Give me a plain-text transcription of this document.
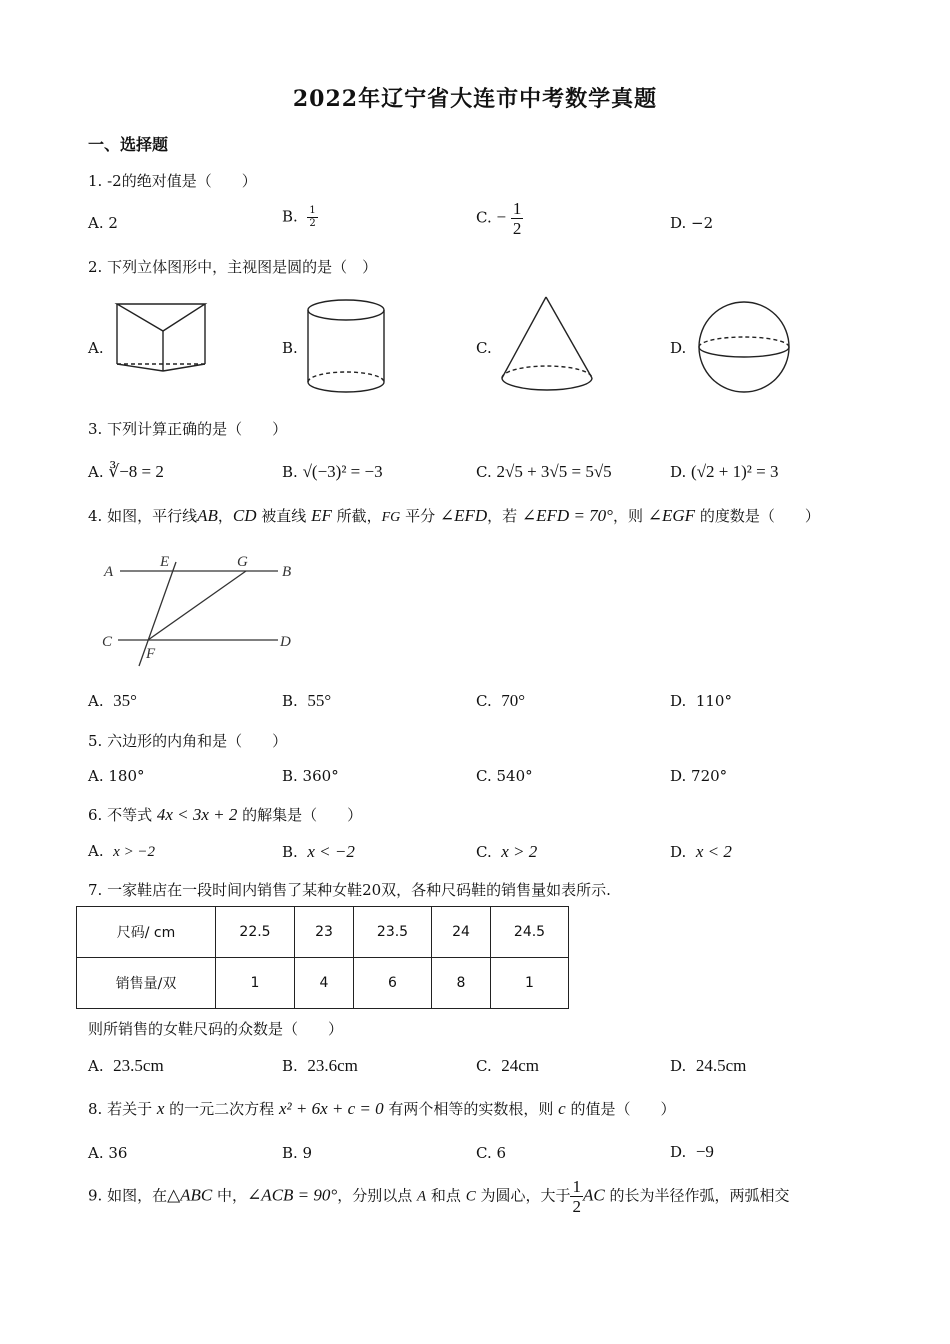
2022年辽宁省大连市中考数学真题
一、选择题
1. -2的绝对值是（　　）
A. 2	B. $\frac{1}{2}$	C. − $\frac{1}{2}$	D. −2
2. 下列立体图形中，主视图是圆的是（　）
A.	B.	C.	D.
3. 下列计算正确的是（　　）
A. ∛−8 = 2	B. √(−3)² = −3	C. 2√5 + 3√5 = 5√5	D. (√2 + 1)² = 3
4. 如图，平行线AB，CD 被直线 EF 所截，FG 平分 ∠EFD，若 ∠EFD = 70°，则 ∠EGF 的度数是（　　）
A
E	G
B
C
F
D
A. 35°	B. 55°	C. 70°	D. 110°
5. 六边形的内角和是（　　）
A. 180°	B. 360°	C. 540°	D. 720°
6. 不等式 4x < 3x + 2 的解集是（　　）
A. x > −2	B. x < −2	C. x > 2	D. x < 2
7. 一家鞋店在一段时间内销售了某种女鞋20双，各种尺码鞋的销售量如表所示.
尺码/ cm	22.5	23	23.5	24	24.5
销售量/双	1	4	6	8	1
则所销售的女鞋尺码的众数是（　　）
A. 23.5cm	B. 23.6cm	C. 24cm	D. 24.5cm
8. 若关于 x 的一元二次方程 x² + 6x + c = 0 有两个相等的实数根，则 c 的值是（　　）
A. 36	B. 9	C. 6	D. −9
9. 如图，在△ABC 中，∠ACB = 90°，分别以点 A 和点 C 为圆心，大于 $\frac{1}{2}$ AC 的长为半径作弧，两弧相交
